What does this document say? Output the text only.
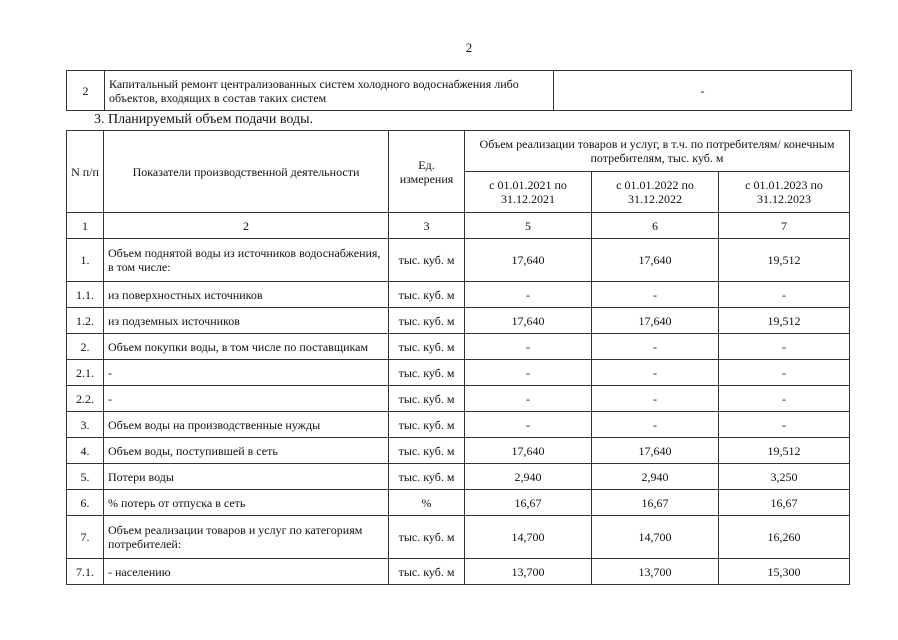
2
2	Капитальный ремонт централизованных систем холодного водоснабжения либо объектов, входящих в состав таких систем	-
3. Планируемый объем подачи воды.
N п/п	Показатели производственной деятельности	Ед. измерения	Объем реализации товаров и услуг, в т.ч. по потребителям/ конечным потребителям, тыс. куб. м		
			с 01.01.2021 по 31.12.2021	с 01.01.2022 по 31.12.2022	с 01.01.2023 по 31.12.2023
1	2	3	5	6	7
1.	Объем поднятой воды из источников водоснабжения, в том числе:	тыс. куб. м	17,640	17,640	19,512
1.1.	из поверхностных источников	тыс. куб. м	-	-	-
1.2.	из подземных источников	тыс. куб. м	17,640	17,640	19,512
2.	Объем покупки воды, в том числе по поставщикам	тыс. куб. м	-	-	-
2.1.	-	тыс. куб. м	-	-	-
2.2.	-	тыс. куб. м	-	-	-
3.	Объем воды на производственные нужды	тыс. куб. м	-	-	-
4.	Объем воды, поступившей в сеть	тыс. куб. м	17,640	17,640	19,512
5.	Потери воды	тыс. куб. м	2,940	2,940	3,250
6.	% потерь от отпуска в сеть	%	16,67	16,67	16,67
7.	Объем реализации товаров и услуг по категориям потребителей:	тыс. куб. м	14,700	14,700	16,260
7.1.	- населению	тыс. куб. м	13,700	13,700	15,300
